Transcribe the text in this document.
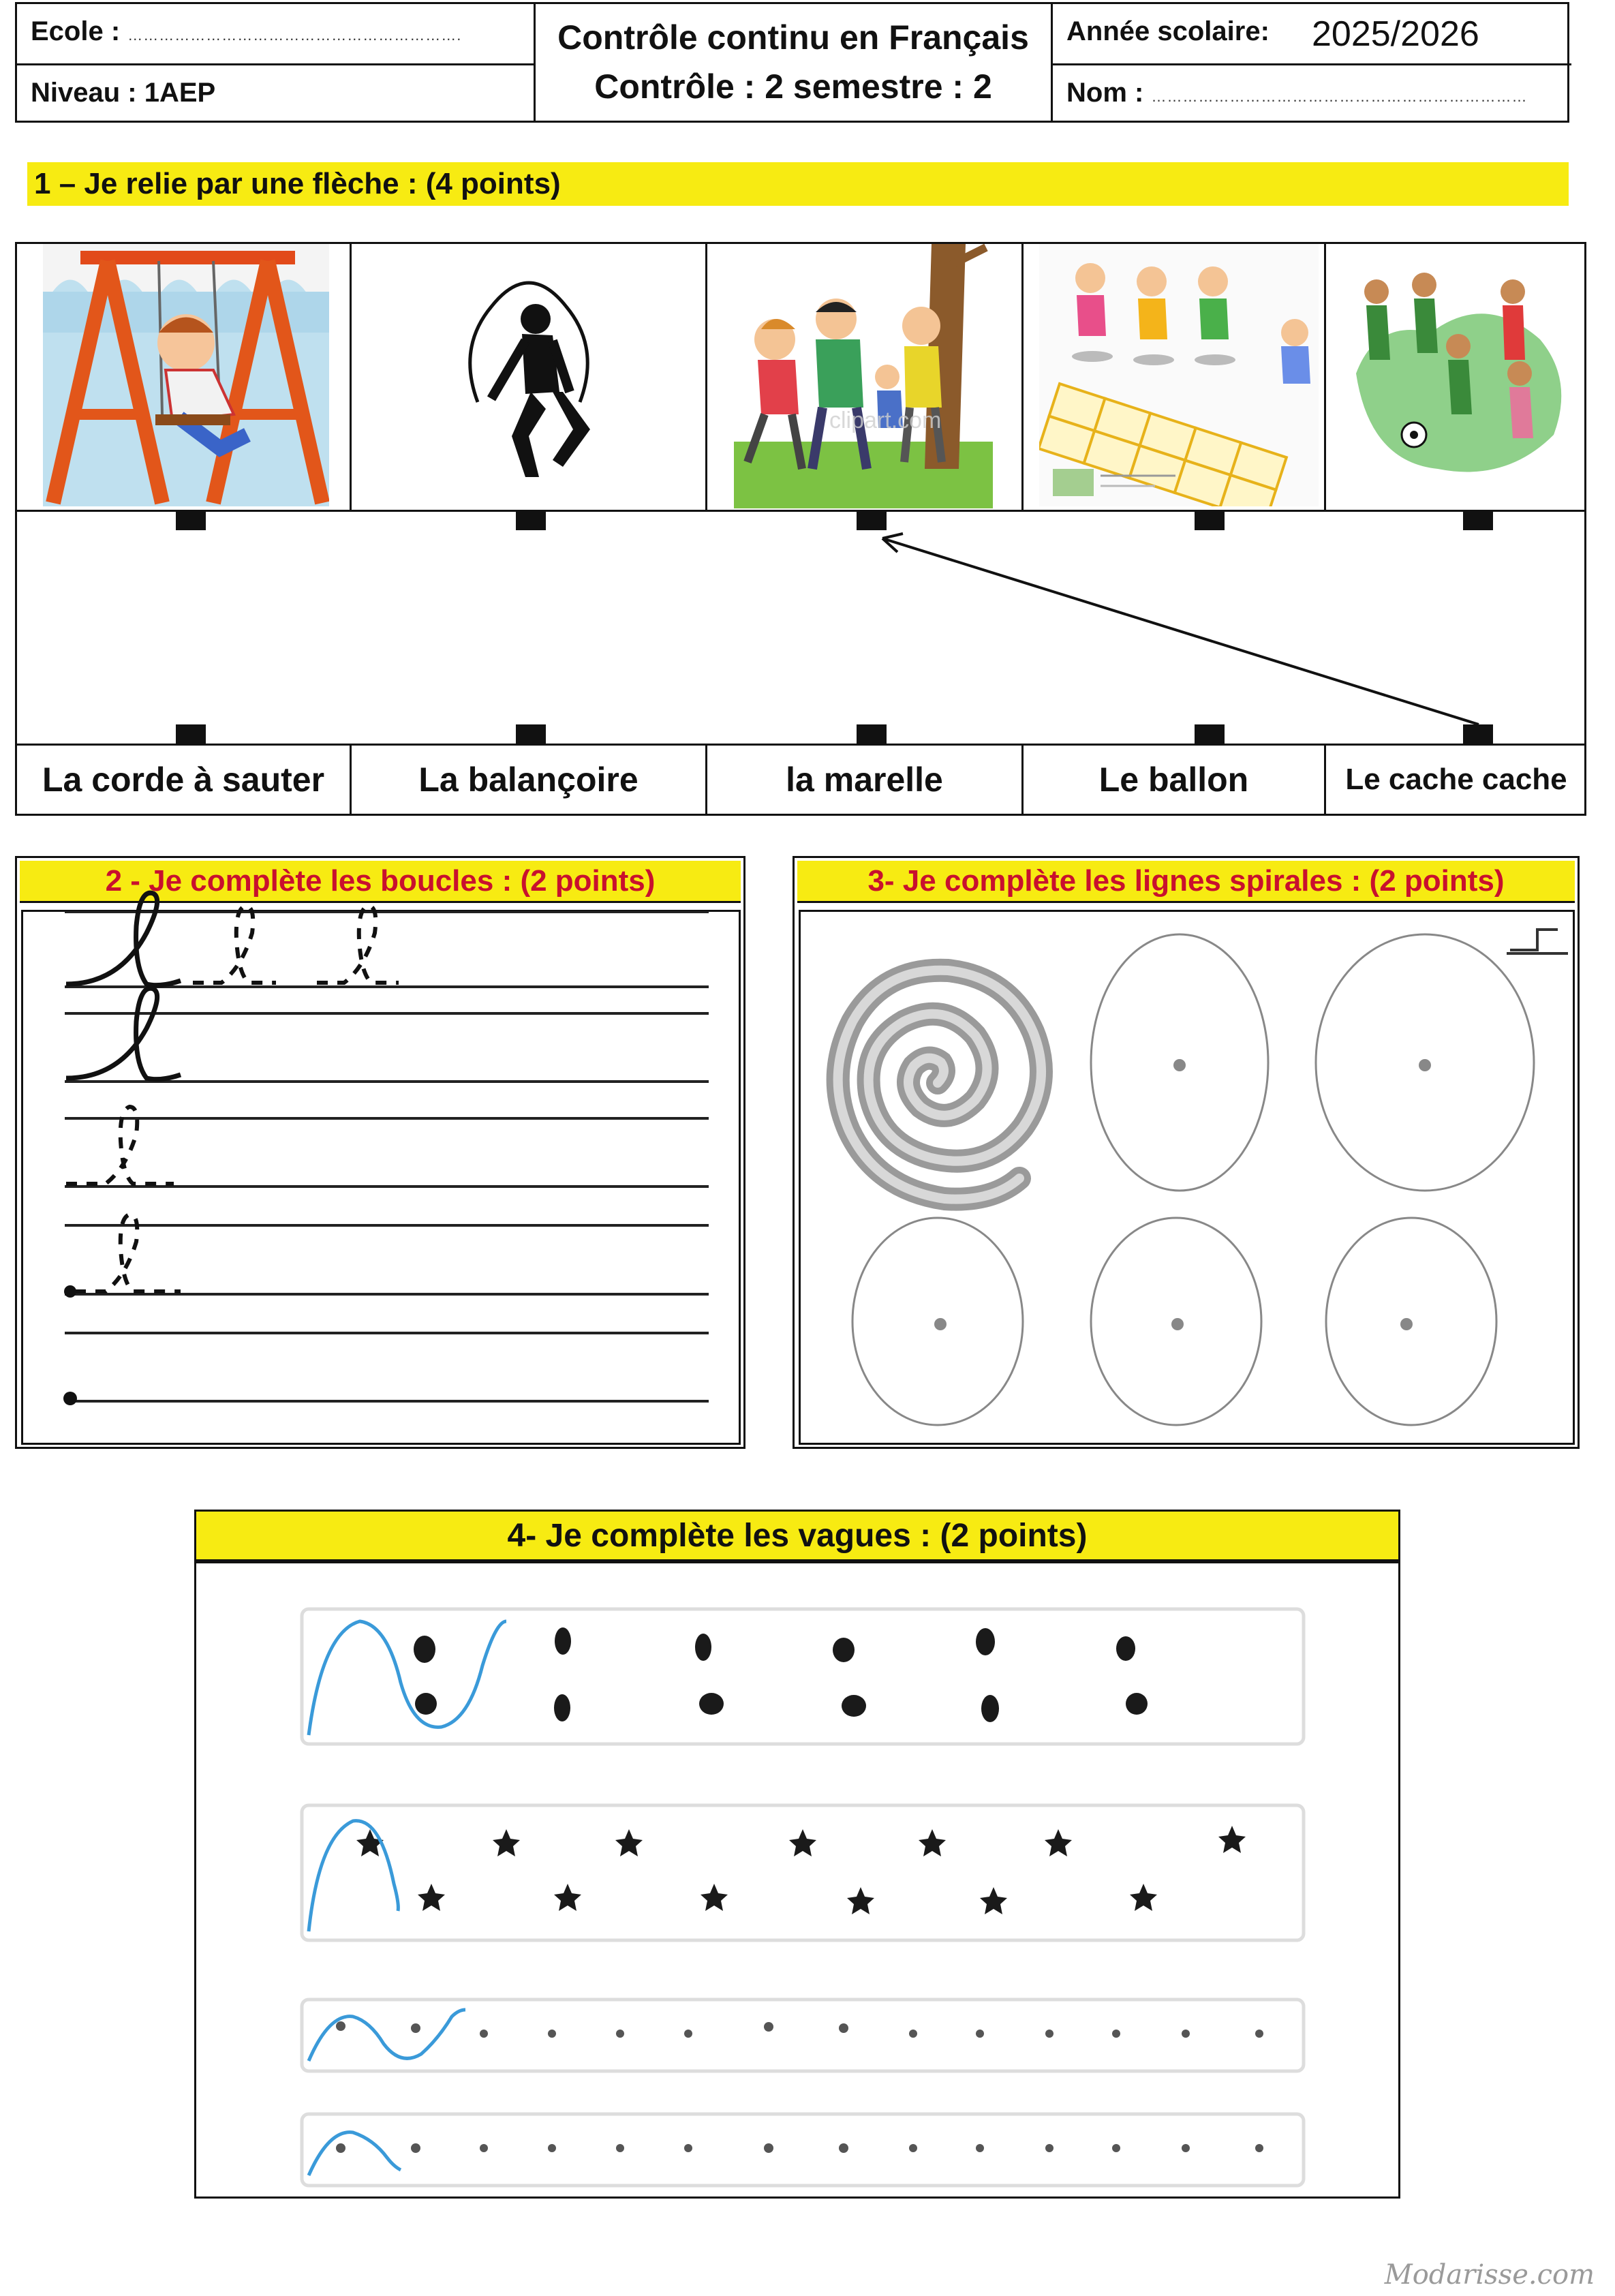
Ecole : ……………………………………………………….
Niveau : 1AEP
Contrôle continu en Français
Contrôle : 2 semestre : 2
Année scolaire: 2025/2026
Nom : ………………………………………………………………
1 – Je relie par une flèche : (4 points)
clipart.com
La corde à sauter	La balançoire	la marelle	Le ballon	Le cache cache
2 - Je complète les boucles : (2 points)	3- Je complète les lignes spirales : (2 points)
4- Je complète les vagues : (2 points)
Modarisse.com
